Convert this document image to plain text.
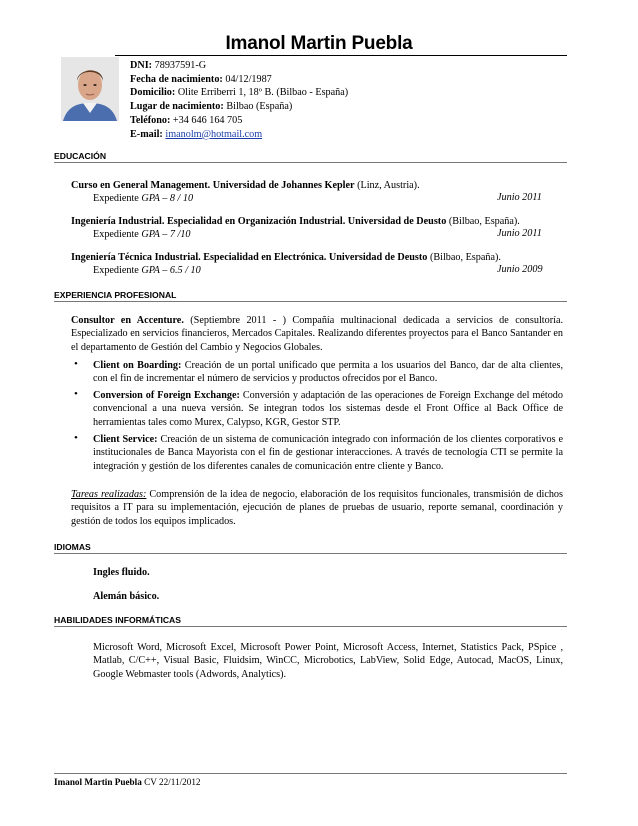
Imanol Martin Puebla
DNI: 78937591-G
Fecha de nacimiento: 04/12/1987
Domicilio: Olite Erriberri 1, 18º B. (Bilbao - España)
Lugar de nacimiento: Bilbao (España)
Teléfono: +34 646 164 705
E-mail: imanolm@hotmail.com
EDUCACIÓN
Curso en General Management. Universidad de Johannes Kepler (Linz, Austria).
Expediente GPA – 8 / 10	Junio 2011
Ingeniería Industrial. Especialidad en Organización Industrial. Universidad de Deusto (Bilbao, España).
Expediente GPA – 7 /10	Junio 2011
Ingeniería Técnica Industrial. Especialidad en Electrónica. Universidad de Deusto (Bilbao, España).
Expediente GPA – 6.5 / 10	Junio 2009
EXPERIENCIA PROFESIONAL
Consultor en Accenture. (Septiembre 2011 - ) Compañía multinacional dedicada a servicios de consultoría. Especializado en servicios financieros, Mercados Capitales. Realizando diferentes proyectos para el Banco Santander en el departamento de Gestión del Cambio y Negocios Globales.
• Client on Boarding: Creación de un portal unificado que permita a los usuarios del Banco, dar de alta clientes, con el fin de incrementar el número de servicios y productos ofrecidos por el Banco.
• Conversion of Foreign Exchange: Conversión y adaptación de las operaciones de Foreign Exchange del método convencional a una nueva versión. Se integran todos los sistemas desde el Front Office al Back Office de herramientas tales como Murex, Calypso, KGR, Gestor STP.
• Client Service: Creación de un sistema de comunicación integrado con información de los clientes corporativos e institucionales de Banca Mayorista con el fin de gestionar interacciones. A través de tecnología CTI se permite la integración y gestión de los diferentes canales de comunicación entre cliente y Banco.
Tareas realizadas: Comprensión de la idea de negocio, elaboración de los requisitos funcionales, transmisión de dichos requisitos a IT para su implementación, ejecución de planes de pruebas de usuario, reporte semanal, coordinación y gestión de todos los equipos implicados.
IDIOMAS
Ingles fluido.
Alemán básico.
HABILIDADES INFORMÁTICAS
Microsoft Word, Microsoft Excel, Microsoft Power Point, Microsoft Access, Internet, Statistics Pack, PSpice , Matlab, C/C++, Visual Basic, Fluidsim, WinCC, Microbotics, LabView, Solid Edge, Autocad, MacOS, Linux, Google Webmaster tools (Adwords, Analytics).
Imanol Martin Puebla CV 22/11/2012
